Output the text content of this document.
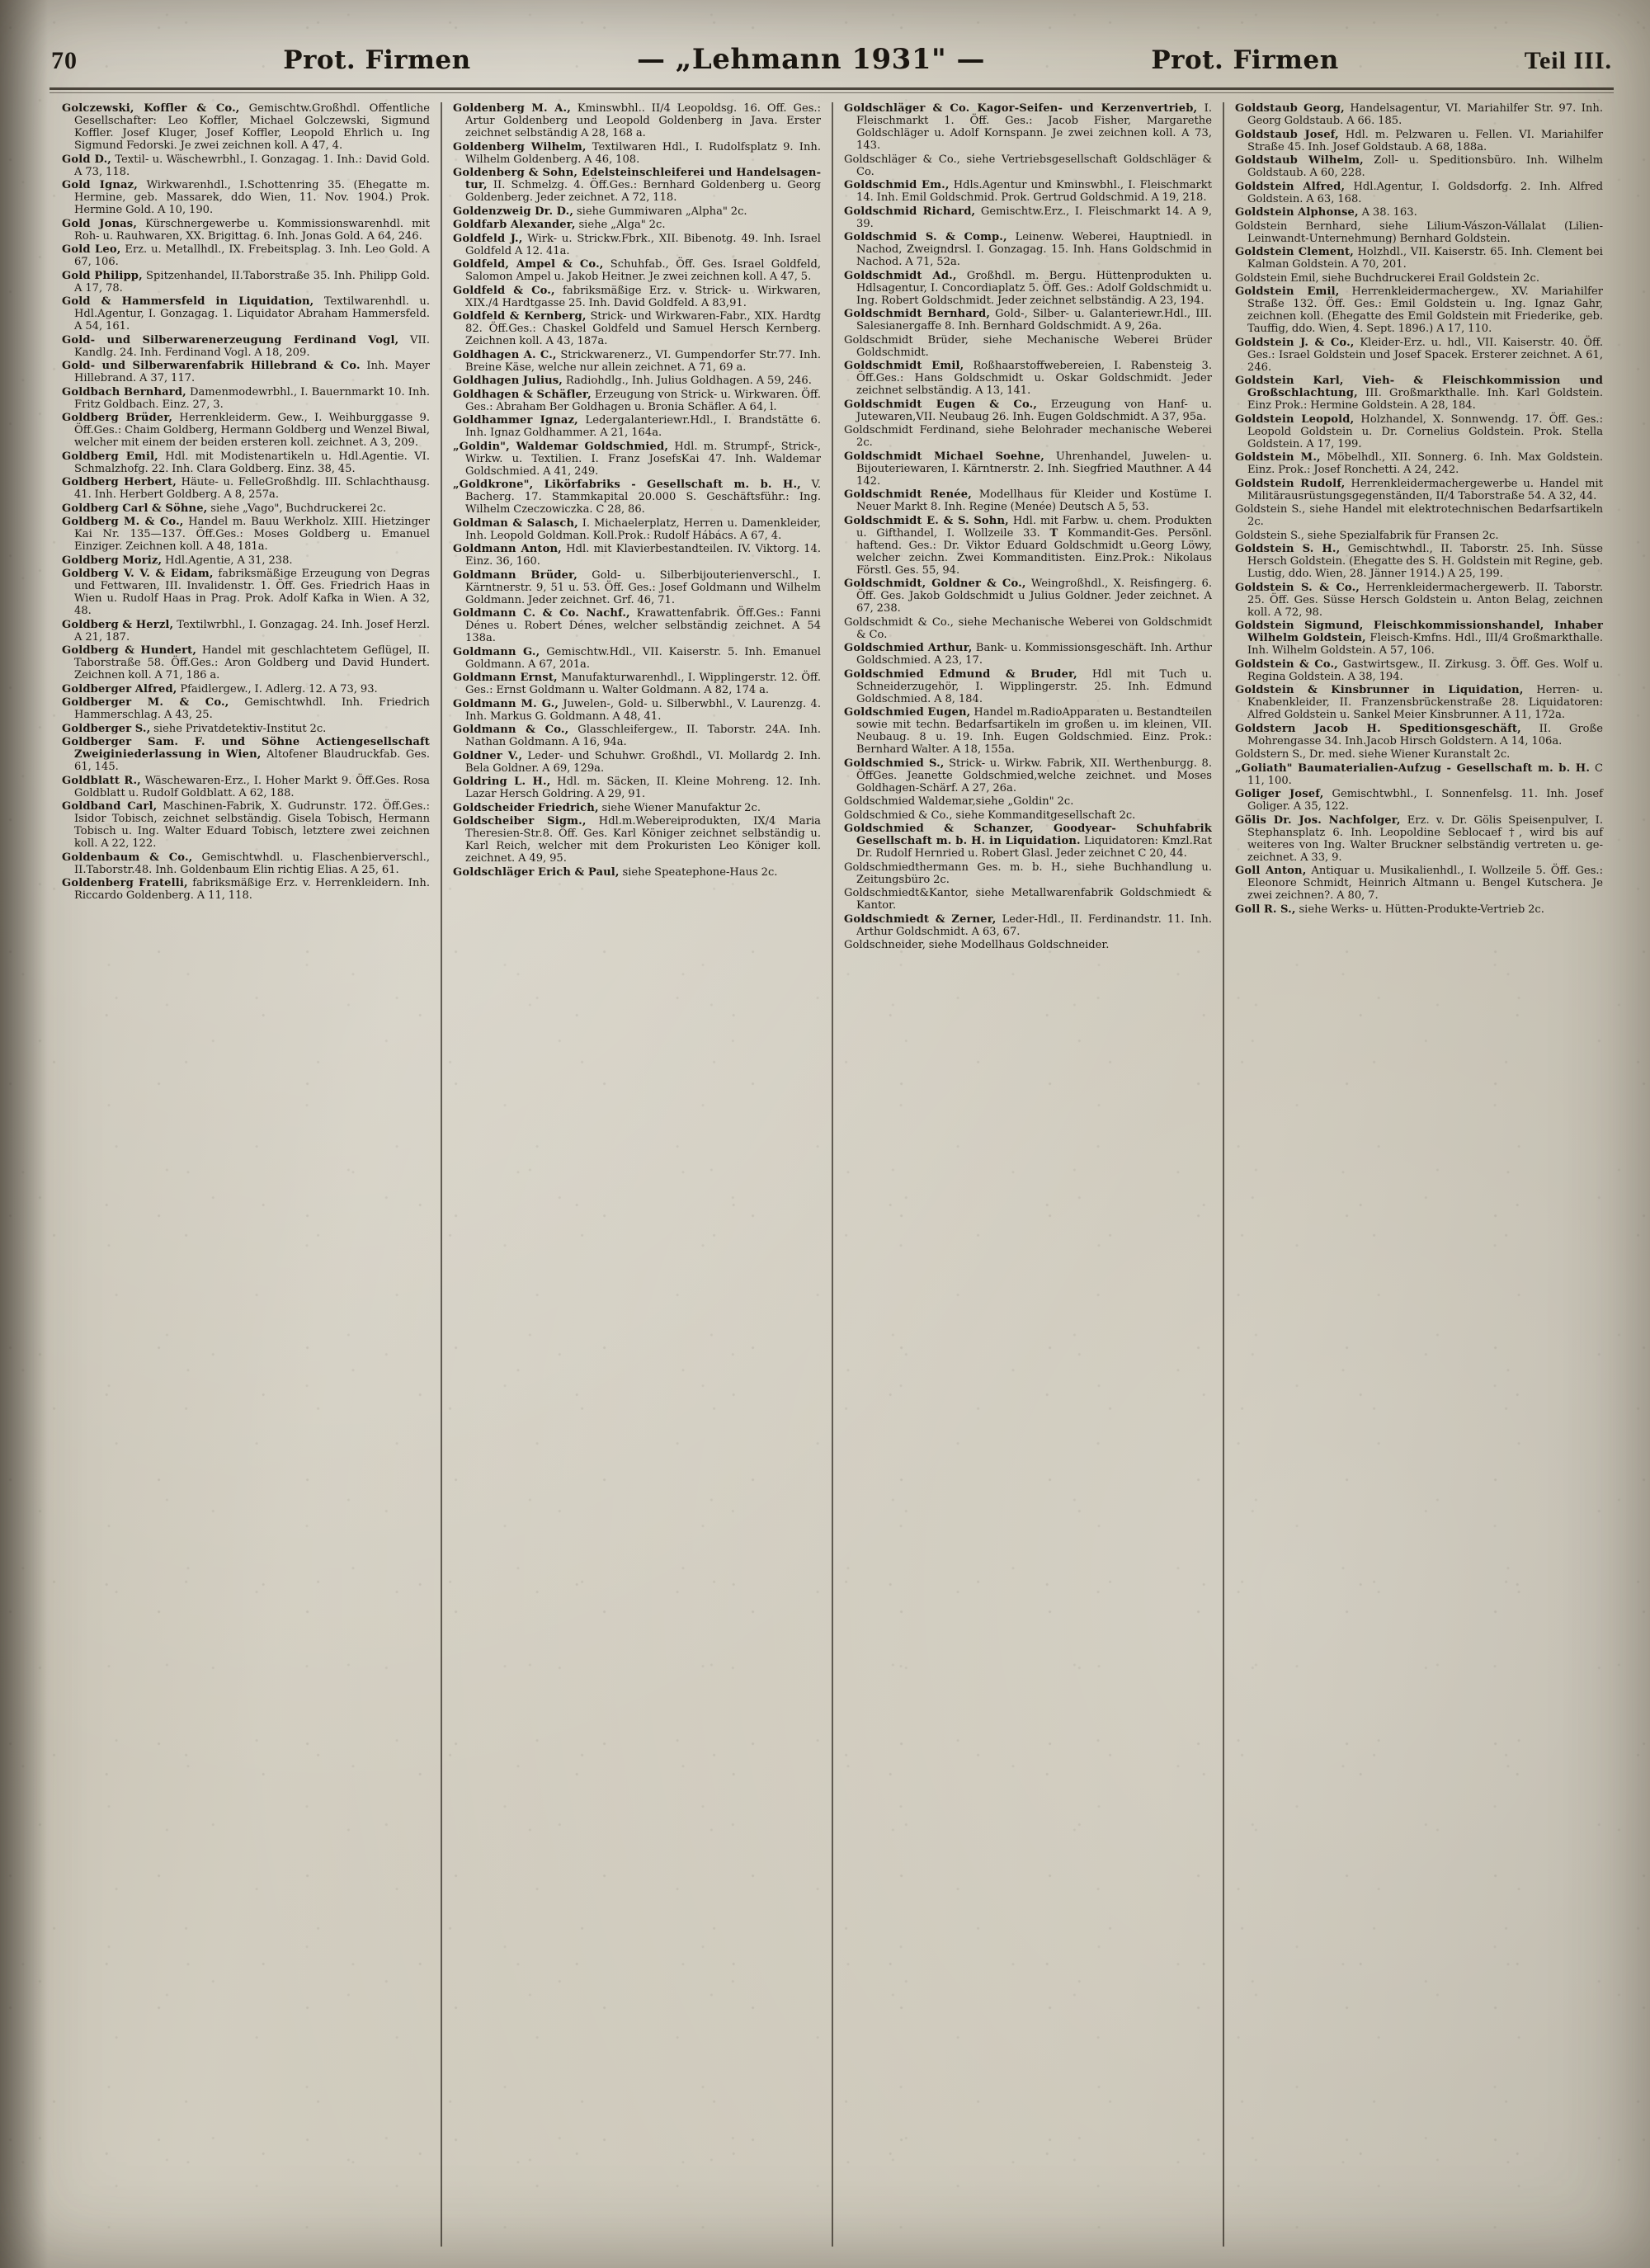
70	Prot. Firmen	— „Lehmann 1931" —	Prot. Firmen	Teil III.

Golczewski, Koffler & Co., Gemischtw.Großhdl. Öffentliche Gesellschafter: Leo Koffler, Michael Golczewski, Sigmund Koffler. Josef Kluger, Josef Koffler, Leopold Ehrlich u. Ing Sigmund Fedorski. Je zwei zeichnen koll. A 47, 4.

Gold D., Textil- u. Wäschewrbhl., I. Gonzagag. 1. Inh.: David Gold. A 73, 118.

Gold Ignaz, Wirkwarenhdl., I.Schottenring 35. (Ehegatte m. Hermine, geb. Massarek, ddo Wien, 11. Nov. 1904.) Prok. Hermine Gold. A 10, 190.

Gold Jonas, Kürschnergewerbe u. Kommissionswarenhdl. mit Roh- u. Rauhwaren, XX. Brigittag. 6. Inh. Jonas Gold. A 64, 246.

Gold Leo, Erz. u. Metallhdl., IX. Frebeitsplag. 3. Inh. Leo Gold. A 67, 106.

Gold Philipp, Spitzenhandel, II.Taborstraße 35. Inh. Philipp Gold. A 17, 78.

Gold & Hammersfeld in Liquidation, Textilwarenhdl. u. Hdl.Agentur, I. Gonzagag. 1. Liquidator Abraham Hammersfeld. A 54, 161.

Gold- und Silberwarenerzeugung Ferdinand Vogl, VII. Kandlg. 24. Inh. Ferdinand Vogl. A 18, 209.

Gold- und Silberwarenfabrik Hillebrand & Co. Inh. Mayer Hillebrand. A 37, 117.

Goldbach Bernhard, Damenmodewrbhl., I. Bauernmarkt 10. Inh. Fritz Goldbach. Einz. 27, 3.

Goldberg Brüder, Herrenkleiderm. Gew., I. Weihburggasse 9. Öff.Ges.: Chaim Goldberg, Hermann Goldberg und Wenzel Biwal, welcher mit einem der beiden ersteren koll. zeichnet. A 3, 209.

Goldberg Emil, Hdl. mit Modistenartikeln u. Hdl.Agentie. VI. Schmalzhofg. 22. Inh. Clara Goldberg. Einz. 38, 45.

Goldberg Herbert, Häute- u. FelleGroßhdlg. III. Schlachthausg. 41. Inh. Herbert Goldberg. A 8, 257a.

Goldberg Carl & Söhne, siehe „Vago", Buchdruckerei 2c.

Goldberg M. & Co., Handel m. Bauu Werkholz. XIII. Hietzinger Kai Nr. 135—137. Öff.Ges.: Moses Goldberg u. Emanuel Einziger. Zeichnen koll. A 48, 181a.

Goldberg Moriz, Hdl.Agentie, A 31, 238.

Goldberg V. V. & Eidam, fabriksmäßige Erzeugung von Degras und Fettwaren, III. Invalidenstr. 1. Öff. Ges. Friedrich Haas in Wien u. Rudolf Haas in Prag. Prok. Adolf Kafka in Wien. A 32, 48.

Goldberg & Herzl, Textilwrbhl., I. Gonzagag. 24. Inh. Josef Herzl. A 21, 187.

Goldberg & Hundert, Handel mit geschlachtetem Geflügel, II. Taborstraße 58. Öff.Ges.: Aron Goldberg und David Hundert. Zeichnen koll. A 71, 186 a.

Goldberger Alfred, Pfaidlergew., I. Adlerg. 12. A 73, 93.

Goldberger M. & Co., Gemischtwhdl. Inh. Friedrich Hammerschlag. A 43, 25.

Goldberger S., siehe Privatdetektiv-Institut 2c.

Goldberger Sam. F. und Söhne Actiengesellschaft Zweiginiederlassung in Wien, Altofener Blaudruckfab. Ges. 61, 145.

Goldblatt R., Wäschewaren-Erz., I. Hoher Markt 9. Öff.Ges. Rosa Goldblatt u. Rudolf Goldblatt. A 62, 188.

Goldband Carl, Maschinen-Fabrik, X. Gudrunstr. 172. Öff.Ges.: Isidor Tobisch, zeichnet selbständig. Gisela Tobisch, Hermann Tobisch u. Ing. Walter Eduard Tobisch, letztere zwei zeichnen koll. A 22, 122.

Goldenbaum & Co., Gemischtwhdl. u. Flaschenbierverschl., II.Taborstr.48. Inh. Goldenbaum Elin richtig Elias. A 25, 61.

Goldenberg Fratelli, fabriksmäßige Erz. v. Herrenkleidern. Inh. Riccardo Goldenberg. A 11, 118.

Goldenberg M. A., Kminswbhl.. II/4 Leopoldsg. 16. Öff. Ges.: Artur Goldenberg und Leopold Goldenberg in Java. Erster zeichnet selbständig A 28, 168 a.

Goldenberg Wilhelm, Textilwaren Hdl., I. Rudolfsplatz 9. Inh. Wilhelm Goldenberg. A 46, 108.

Goldenberg & Sohn, Edelsteinschleiferei und Handelsagentur, II. Schmelzg. 4. Öff.Ges.: Bernhard Goldenberg u. Georg Goldenberg. Jeder zeichnet. A 72, 118.

Goldenzweig Dr. D., siehe Gummiwaren „Alpha" 2c.

Goldfarb Alexander, siehe „Alga" 2c.

Goldfeld J., Wirk- u. Strickw.Fbrk., XII. Bibenotg. 49. Inh. Israel Goldfeld A 12. 41a.

Goldfeld, Ampel & Co., Schuhfab., Öff. Ges. Israel Goldfeld, Salomon Ampel u. Jakob Heitner. Je zwei zeichnen koll. A 47, 5.

Goldfeld & Co., fabriksmäßige Erz. v. Strick- u. Wirkwaren, XIX./4 Hardtgasse 25. Inh. David Goldfeld. A 83,91.

Goldfeld & Kernberg, Strick- und Wirkwaren-Fabr., XIX. Hardtg 82. Öff.Ges.: Chaskel Goldfeld und Samuel Hersch Kernberg. Zeichnen koll. A 43, 187a.

Goldhagen A. C., Strickwarenerz., VI. Gumpendorfer Str.77. Inh. Breine Käse, welche nur allein zeichnet. A 71, 69 a.

Goldhagen Julius, Radiohdlg., Inh. Julius Goldhagen. A 59, 246.

Goldhagen & Schäfler, Erzeugung von Strick- u. Wirkwaren. Öff. Ges.: Abraham Ber Goldhagen u. Bronia Schäfler. A 64, l.

Goldhammer Ignaz, Ledergalanteriewr.Hdl., I. Brandstätte 6. Inh. Ignaz Goldhammer. A 21, 164a.

„Goldin", Waldemar Goldschmied, Hdl. m. Strumpf-, Strick-, Wirkw. u. Textilien. I. Franz JosefsKai 47. Inh. Waldemar Goldschmied. A 41, 249.

„Goldkrone", Likörfabriks - Gesellschaft m. b. H., V. Bacherg. 17. Stammkapital 20.000 S. Geschäftsführ.: Ing. Wilhelm Czeczowiczka. C 28, 86.

Goldman & Salasch, I. Michaelerplatz, Herren u. Damenkleider, Inh. Leopold Goldman. Koll.Prok.: Rudolf Hábács. A 67, 4.

Goldmann Anton, Hdl. mit Klavierbestandteilen. IV. Viktorg. 14. Einz. 36, 160.

Goldmann Brüder, Gold- u. Silberbijouterienverschl., I. Kärntnerstr. 9, 51 u. 53. Öff. Ges.: Josef Goldmann und Wilhelm Goldmann. Jeder zeichnet. Grf. 46, 71.

Goldmann C. & Co. Nachf., Krawattenfabrik. Öff.Ges.: Fanni Dénes u. Robert Dénes, welcher selbständig zeichnet. A 54 138a.

Goldmann G., Gemischtw.Hdl., VII. Kaiserstr. 5. Inh. Emanuel Goldmann. A 67, 201a.

Goldmann Ernst, Manufakturwarenhdl., I. Wipplingerstr. 12. Öff. Ges.: Ernst Goldmann u. Walter Goldmann. A 82, 174 a.

Goldmann M. G., Juwelen-, Gold- u. Silberwbhl., V. Laurenzg. 4. Inh. Markus G. Goldmann. A 48, 41.

Goldmann & Co., Glasschleifergew., II. Taborstr. 24A. Inh. Nathan Goldmann. A 16, 94a.

Goldner V., Leder- und Schuhwr. Großhdl., VI. Mollardg 2. Inh. Bela Goldner. A 69, 129a.

Goldring L. H., Hdl. m. Säcken, II. Kleine Mohreng. 12. Inh. Lazar Hersch Goldring. A 29, 91.

Goldscheider Friedrich, siehe Wiener Manufaktur 2c.

Goldscheiber Sigm., Hdl.m.Webereiprodukten, IX/4 Maria Theresien-Str.8. Öff. Ges. Karl Königer zeichnet selbständig u. Karl Reich, welcher mit dem Prokuristen Leo Königer koll. zeichnet. A 49, 95.

Goldschläger Erich & Paul, siehe Speatephone-Haus 2c.

Goldschläger & Co. Kagor-Seifen- und Kerzenvertrieb, I. Fleischmarkt 1. Öff. Ges.: Jacob Fisher, Margarethe Goldschläger u. Adolf Kornspann. Je zwei zeichnen koll. A 73, 143.

Goldschläger & Co., siehe Vertriebsgesellschaft Goldschläger & Co.

Goldschmid Em., Hdls.Agentur und Kminswbhl., I. Fleischmarkt 14. Inh. Emil Goldschmid. Prok. Gertrud Goldschmid. A 19, 218.

Goldschmid Richard, Gemischtw.Erz., I. Fleischmarkt 14. A 9, 39.

Goldschmid S. & Comp., Leinenw. Weberei, Hauptniedl. in Nachod, Zweigndrsl. I. Gonzagag. 15. Inh. Hans Goldschmid in Nachod. A 71, 52a.

Goldschmidt Ad., Großhdl. m. Bergu. Hüttenprodukten u. Hdlsagentur, I. Concordiaplatz 5. Öff. Ges.: Adolf Goldschmidt u. Ing. Robert Goldschmidt. Jeder zeichnet selbständig. A 23, 194.

Goldschmidt Bernhard, Gold-, Silber- u. Galanteriewr.Hdl., III. Salesianergaffe 8. Inh. Bernhard Goldschmidt. A 9, 26a.

Goldschmidt Brüder, siehe Mechanische Weberei Brüder Goldschmidt.

Goldschmidt Emil, Roßhaarstoffwebereien, I. Rabensteig 3. Öff.Ges.: Hans Goldschmidt u. Oskar Goldschmidt. Jeder zeichnet selbständig. A 13, 141.

Goldschmidt Eugen & Co., Erzeugung von Hanf- u. Jutewaren,VII. Neubaug 26. Inh. Eugen Goldschmidt. A 37, 95a.

Goldschmidt Ferdinand, siehe Belohrader mechanische Weberei 2c.

Goldschmidt Michael Soehne, Uhrenhandel, Juwelen- u. Bijouteriewaren, I. Kärntnerstr. 2. Inh. Siegfried Mauthner. A 44 142.

Goldschmidt Renée, Modellhaus für Kleider und Kostüme I. Neuer Markt 8. Inh. Regine (Menée) Deutsch A 5, 53.

Goldschmidt E. & S. Sohn, Hdl. mit Farbw. u. chem. Produkten u. Gifthandel, I. Wollzeile 33. T Kommandit-Ges. Persönl. haftend. Ges.: Dr. Viktor Eduard Goldschmidt u.Georg Löwy, welcher zeichn. Zwei Kommanditisten. Einz.Prok.: Nikolaus Förstl. Ges. 55, 94.

Goldschmidt, Goldner & Co., Weingroßhdl., X. Reisfingerg. 6. Öff. Ges. Jakob Goldschmidt u Julius Goldner. Jeder zeichnet. A 67, 238.

Goldschmidt & Co., siehe Mechanische Weberei von Goldschmidt & Co.

Goldschmied Arthur, Bank- u. Kommissionsgeschäft. Inh. Arthur Goldschmied. A 23, 17.

Goldschmied Edmund & Bruder, Hdl mit Tuch u. Schneiderzugehör, I. Wipplingerstr. 25. Inh. Edmund Goldschmied. A 8, 184.

Goldschmied Eugen, Handel m.RadioApparaten u. Bestandteilen sowie mit techn. Bedarfsartikeln im großen u. im kleinen, VII. Neubaug. 8 u. 19. Inh. Eugen Goldschmied. Einz. Prok.: Bernhard Walter. A 18, 155a.

Goldschmied S., Strick- u. Wirkw. Fabrik, XII. Werthenburgg. 8. ÖffGes. Jeanette Goldschmied,welche zeichnet. und Moses Goldhagen-Schärf. A 27, 26a.

Goldschmied Waldemar,siehe „Goldin" 2c.

Goldschmied & Co., siehe Kommanditgesellschaft 2c.

Goldschmied & Schanzer, Goodyear- Schuhfabrik Gesellschaft m. b. H. in Liquidation. Liquidatoren: Kmzl.Rat Dr. Rudolf Hernried u. Robert Glasl. Jeder zeichnet C 20, 44.

Goldschmiedthermann Ges. m. b. H., siehe Buchhandlung u. Zeitungsbüro 2c.

Goldschmiedt&Kantor, siehe Metallwarenfabrik Goldschmiedt & Kantor.

Goldschmiedt & Zerner, Leder-Hdl., II. Ferdinandstr. 11. Inh. Arthur Goldschmidt. A 63, 67.

Goldschneider, siehe Modellhaus Goldschneider.

Goldstaub Georg, Handelsagentur, VI. Mariahilfer Str. 97. Inh. Georg Goldstaub. A 66. 185.

Goldstaub Josef, Hdl. m. Pelzwaren u. Fellen. VI. Mariahilfer Straße 45. Inh. Josef Goldstaub. A 68, 188a.

Goldstaub Wilhelm, Zoll- u. Speditionsbüro. Inh. Wilhelm Goldstaub. A 60, 228.

Goldstein Alfred, Hdl.Agentur, I. Goldsdorfg. 2. Inh. Alfred Goldstein. A 63, 168.

Goldstein Alphonse, A 38. 163.

Goldstein Bernhard, siehe Lilium-Vászon-Vállalat (Lilien-Leinwandt-Unternehmung) Bernhard Goldstein.

Goldstein Clement, Holzhdl., VII. Kaiserstr. 65. Inh. Clement bei Kalman Goldstein. A 70, 201.

Goldstein Emil, siehe Buchdruckerei Erail Goldstein 2c.

Goldstein Emil, Herrenkleidermachergew., XV. Mariahilfer Straße 132. Öff. Ges.: Emil Goldstein u. Ing. Ignaz Gahr, zeichnen koll. (Ehegatte des Emil Goldstein mit Friederike, geb. Tauffig, ddo. Wien, 4. Sept. 1896.) A 17, 110.

Goldstein J. & Co., Kleider-Erz. u. hdl., VII. Kaiserstr. 40. Öff. Ges.: Israel Goldstein und Josef Spacek. Ersterer zeichnet. A 61, 246.

Goldstein Karl, Vieh- & Fleischkommission und Großschlachtung, III. Großmarkthalle. Inh. Karl Goldstein. Einz Prok.: Hermine Goldstein. A 28, 184.

Goldstein Leopold, Holzhandel, X. Sonnwendg. 17. Öff. Ges.: Leopold Goldstein u. Dr. Cornelius Goldstein. Prok. Stella Goldstein. A 17, 199.

Goldstein M., Möbelhdl., XII. Sonnerg. 6. Inh. Max Goldstein. Einz. Prok.: Josef Ronchetti. A 24, 242.

Goldstein Rudolf, Herrenkleidermachergewerbe u. Handel mit Militärausrüstungsgegenständen, II/4 Taborstraße 54. A 32, 44.

Goldstein S., siehe Handel mit elektrotechnischen Bedarfsartikeln 2c.

Goldstein S., siehe Spezialfabrik für Fransen 2c.

Goldstein S. H., Gemischtwhdl., II. Taborstr. 25. Inh. Süsse Hersch Goldstein. (Ehegatte des S. H. Goldstein mit Regine, geb. Lustig, ddo. Wien, 28. Jänner 1914.) A 25, 199.

Goldstein S. & Co., Herrenkleidermachergewerb. II. Taborstr. 25. Öff. Ges. Süsse Hersch Goldstein u. Anton Belag, zeichnen koll. A 72, 98.

Goldstein Sigmund, Fleischkommissionshandel, Inhaber Wilhelm Goldstein, Fleisch-Kmfns. Hdl., III/4 Großmarkthalle. Inh. Wilhelm Goldstein. A 57, 106.

Goldstein & Co., Gastwirtsgew., II. Zirkusg. 3. Öff. Ges. Wolf u. Regina Goldstein. A 38, 194.

Goldstein & Kinsbrunner in Liquidation, Herren- u. Knabenkleider, II. Franzensbrückenstraße 28. Liquidatoren: Alfred Goldstein u. Sankel Meier Kinsbrunner. A 11, 172a.

Goldstern Jacob H. Speditionsgeschäft, II. Große Mohrengasse 34. Inh.Jacob Hirsch Goldstern. A 14, 106a.

Goldstern S., Dr. med. siehe Wiener Kuranstalt 2c.

„Goliath" Baumaterialien-Aufzug - Gesellschaft m. b. H. C 11, 100.

Goliger Josef, Gemischtwbhl., I. Sonnenfelsg. 11. Inh. Josef Goliger. A 35, 122.

Gölis Dr. Jos. Nachfolger, Erz. v. Dr. Gölis Speisenpulver, I. Stephansplatz 6. Inh. Leopoldine Seblocaef †, wird bis auf weiteres von Ing. Walter Bruckner selbständig vertreten u. gezeichnet. A 33, 9.

Goll Anton, Antiquar u. Musikalienhdl., I. Wollzeile 5. Öff. Ges.: Eleonore Schmidt, Heinrich Altmann u. Bengel Kutschera. Je zwei zeichnen?. A 80, 7.

Goll R. S., siehe Werks- u. Hütten-Produkte-Vertrieb 2c.
